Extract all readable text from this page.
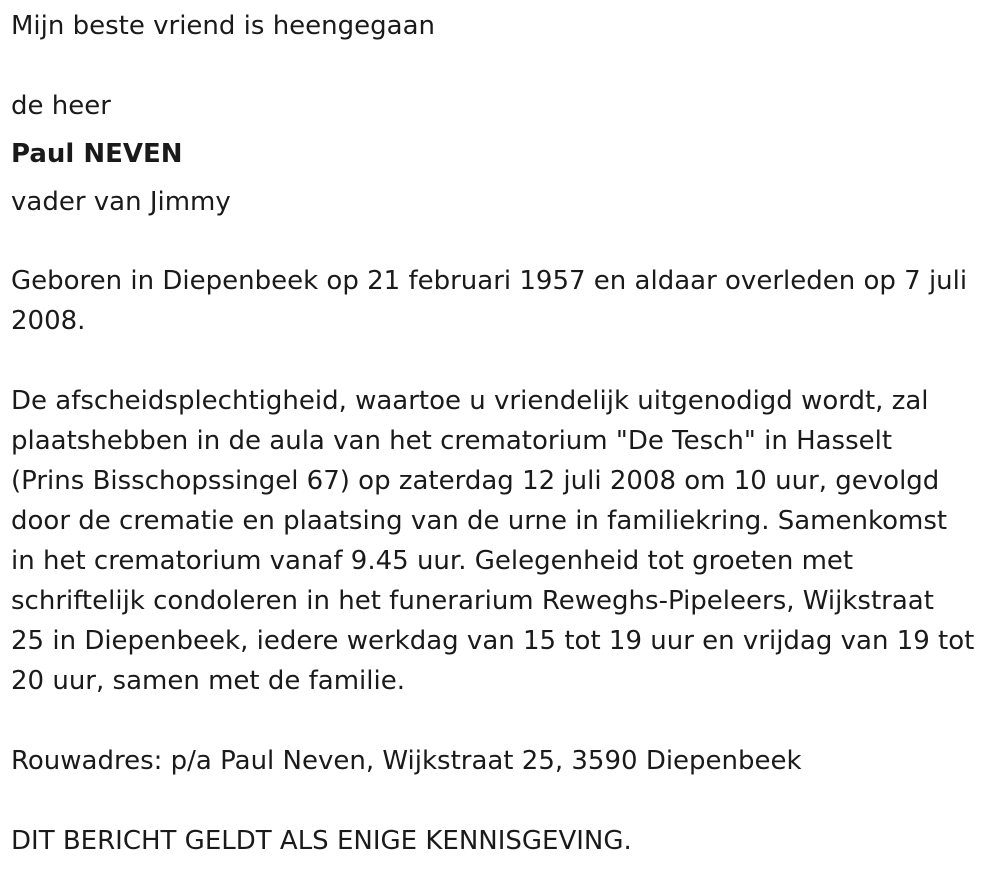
Mijn beste vriend is heengegaan

de heer

Paul NEVEN

vader van Jimmy

Geboren in Diepenbeek op 21 februari 1957 en aldaar overleden op 7 juli
2008.

De afscheidsplechtigheid, waartoe u vriendelijk uitgenodigd wordt, zal
plaatshebben in de aula van het crematorium "De Tesch" in Hasselt
(Prins Bisschopssingel 67) op zaterdag 12 juli 2008 om 10 uur, gevolgd
door de crematie en plaatsing van de urne in familiekring. Samenkomst
in het crematorium vanaf 9.45 uur. Gelegenheid tot groeten met
schriftelijk condoleren in het funerarium Reweghs-Pipeleers, Wijkstraat
25 in Diepenbeek, iedere werkdag van 15 tot 19 uur en vrijdag van 19 tot
20 uur, samen met de familie.

Rouwadres: p/a Paul Neven, Wijkstraat 25, 3590 Diepenbeek

DIT BERICHT GELDT ALS ENIGE KENNISGEVING.
